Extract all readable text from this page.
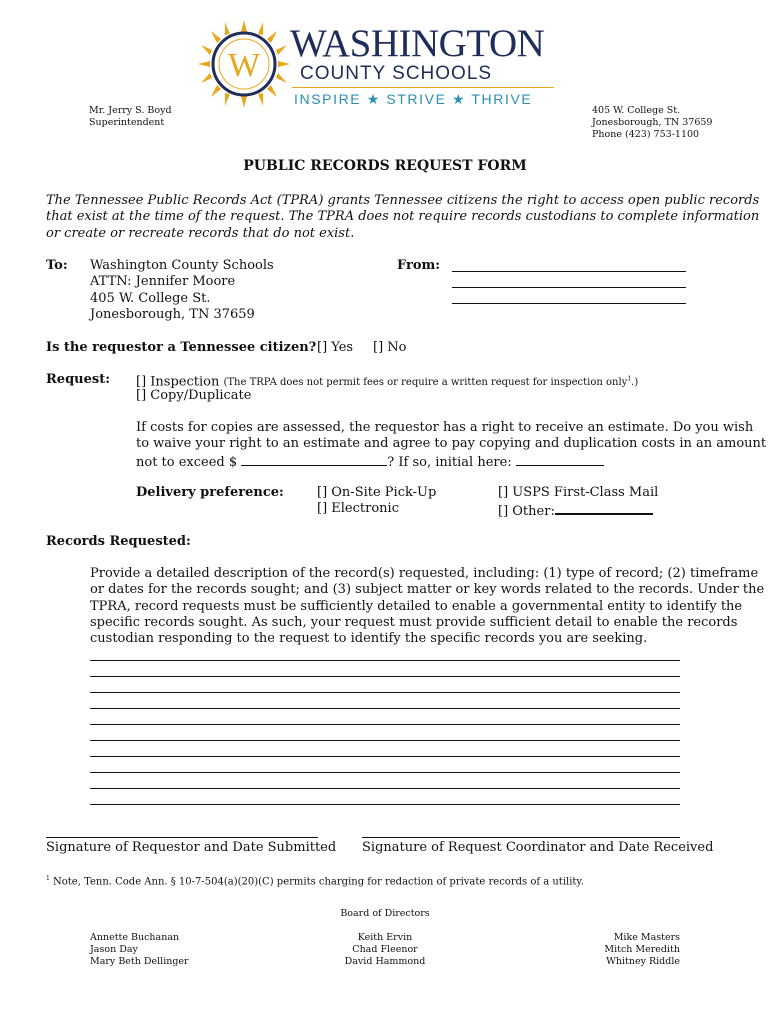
W
WASHINGTON
COUNTY SCHOOLS
INSPIRE ★ STRIVE ★ THRIVE
Mr. Jerry S. Boyd
Superintendent
405 W. College St.
Jonesborough, TN 37659
Phone (423) 753-1100
PUBLIC RECORDS REQUEST FORM
The Tennessee Public Records Act (TPRA) grants Tennessee citizens the right to access open public records
that exist at the time of the request. The TPRA does not require records custodians to complete information
or create or recreate records that do not exist.
To: Washington County Schools
ATTN: Jennifer Moore
405 W. College St.
Jonesborough, TN 37659
From:
Is the requestor a Tennessee citizen? [] Yes [] No
Request: [] Inspection (The TRPA does not permit fees or require a written request for inspection only$^1$.)
[] Copy/Duplicate
If costs for copies are assessed, the requestor has a right to receive an estimate. Do you wish
to waive your right to an estimate and agree to pay copying and duplication costs in an amount
not to exceed $	? If so, initial here:
Delivery preference:	[] On-Site Pick-Up
[] Electronic
[] USPS First-Class Mail
[] Other:
Records Requested:
Provide a detailed description of the record(s) requested, including: (1) type of record; (2) timeframe
or dates for the records sought; and (3) subject matter or key words related to the records. Under the
TPRA, record requests must be sufficiently detailed to enable a governmental entity to identify the
specific records sought. As such, your request must provide sufficient detail to enable the records
custodian responding to the request to identify the specific records you are seeking.
Signature of Requestor and Date Submitted Signature of Request Coordinator and Date Received
$^1$ Note, Tenn. Code Ann. § 10-7-504(a)(20)(C) permits charging for redaction of private records of a utility.
Board of Directors
Annette Buchanan
Jason Day
Mary Beth Dellinger
Keith Ervin
Chad Fleenor
David Hammond
Mike Masters
Mitch Meredith
Whitney Riddle
